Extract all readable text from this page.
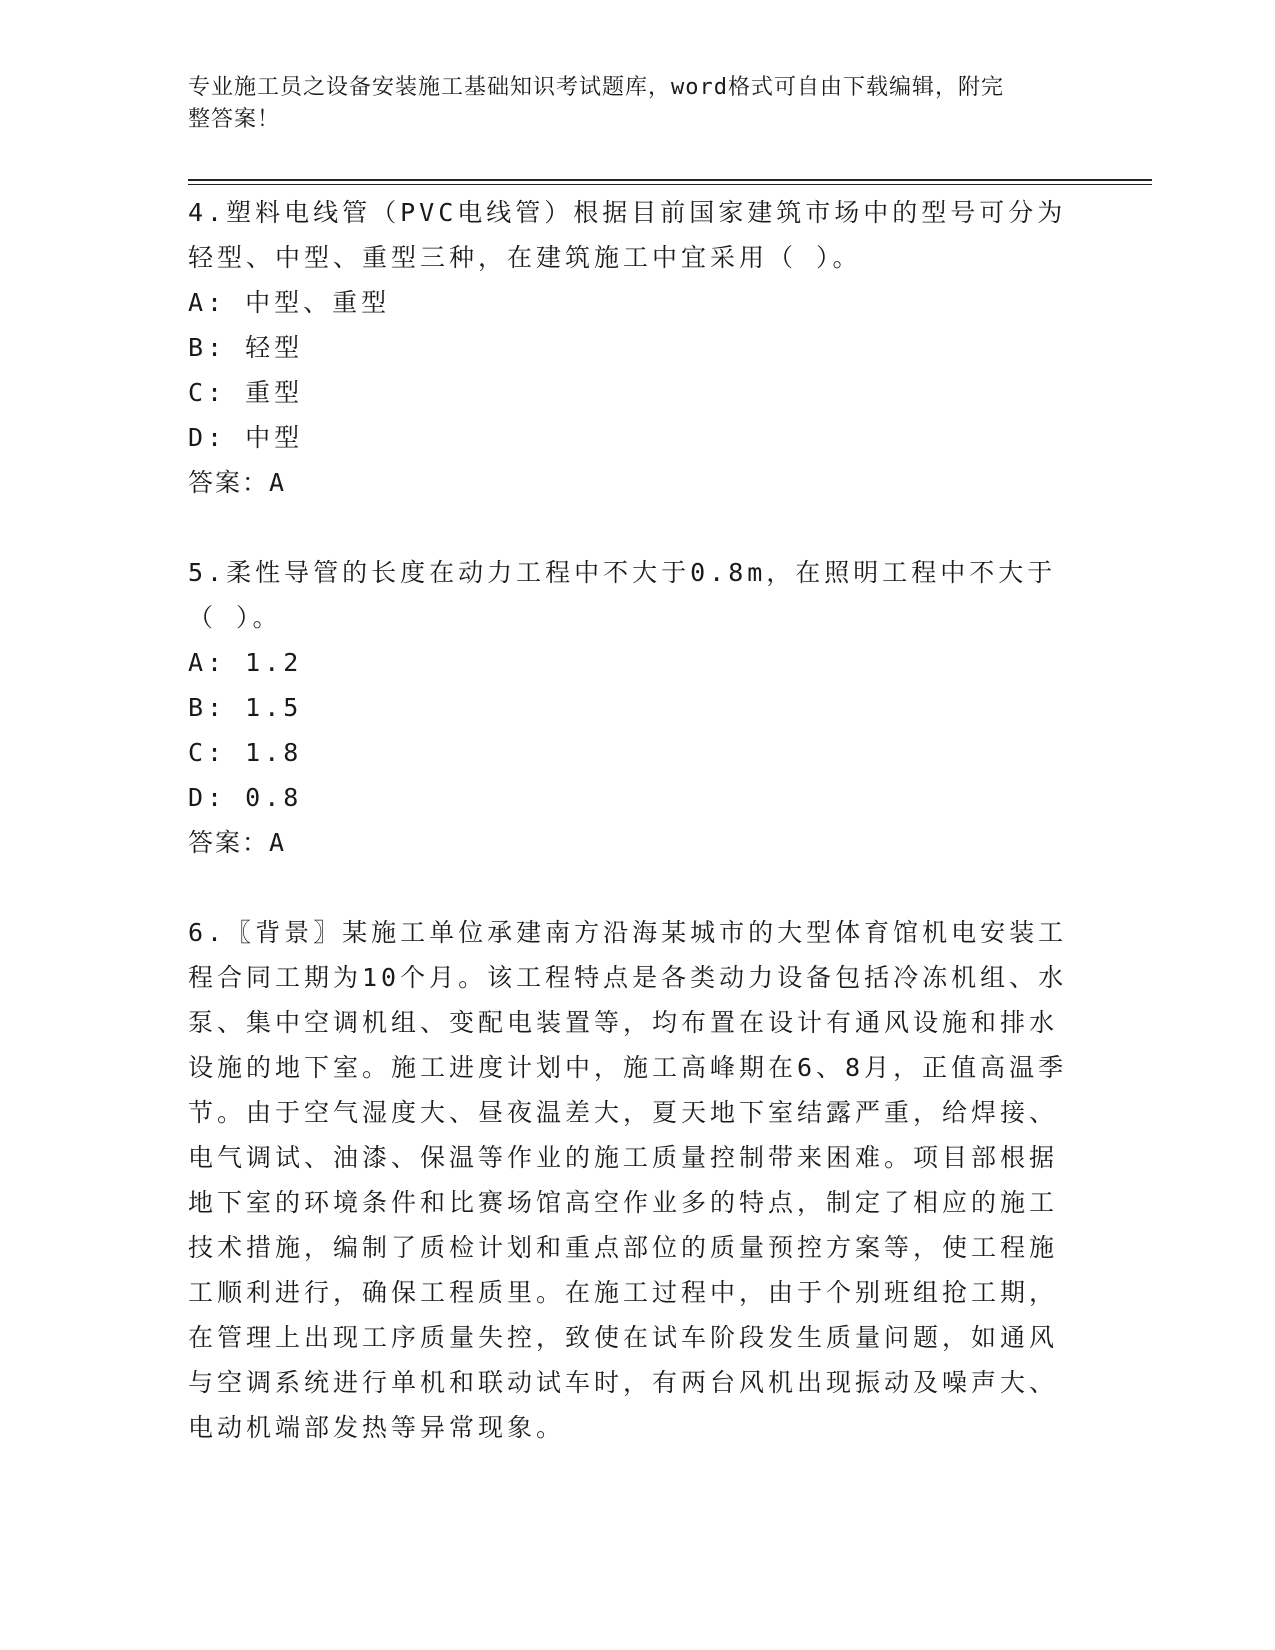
专业施工员之设备安装施工基础知识考试题库，word格式可自由下载编辑，附完
整答案！

4.塑料电线管（PVC电线管）根据目前国家建筑市场中的型号可分为轻型、中型、重型三种，在建筑施工中宜采用（ ）。

A: 中型、重型

B: 轻型

C: 重型

D: 中型

答案：A

5.柔性导管的长度在动力工程中不大于0.8m，在照明工程中不大于（ ）。

A: 1.2

B: 1.5

C: 1.8

D: 0.8

答案：A

6.〖背景〗某施工单位承建南方沿海某城市的大型体育馆机电安装工程合同工期为10个月。该工程特点是各类动力设备包括冷冻机组、水泵、集中空调机组、变配电装置等，均布置在设计有通风设施和排水设施的地下室。施工进度计划中，施工高峰期在6、8月，正值高温季节。由于空气湿度大、昼夜温差大，夏天地下室结露严重，给焊接、电气调试、油漆、保温等作业的施工质量控制带来困难。项目部根据地下室的环境条件和比赛场馆高空作业多的特点，制定了相应的施工技术措施，编制了质检计划和重点部位的质量预控方案等，使工程施工顺利进行，确保工程质里。在施工过程中，由于个别班组抢工期，在管理上出现工序质量失控，致使在试车阶段发生质量问题，如通风与空调系统进行单机和联动试车时，有两台风机出现振动及噪声大、电动机端部发热等异常现象。
